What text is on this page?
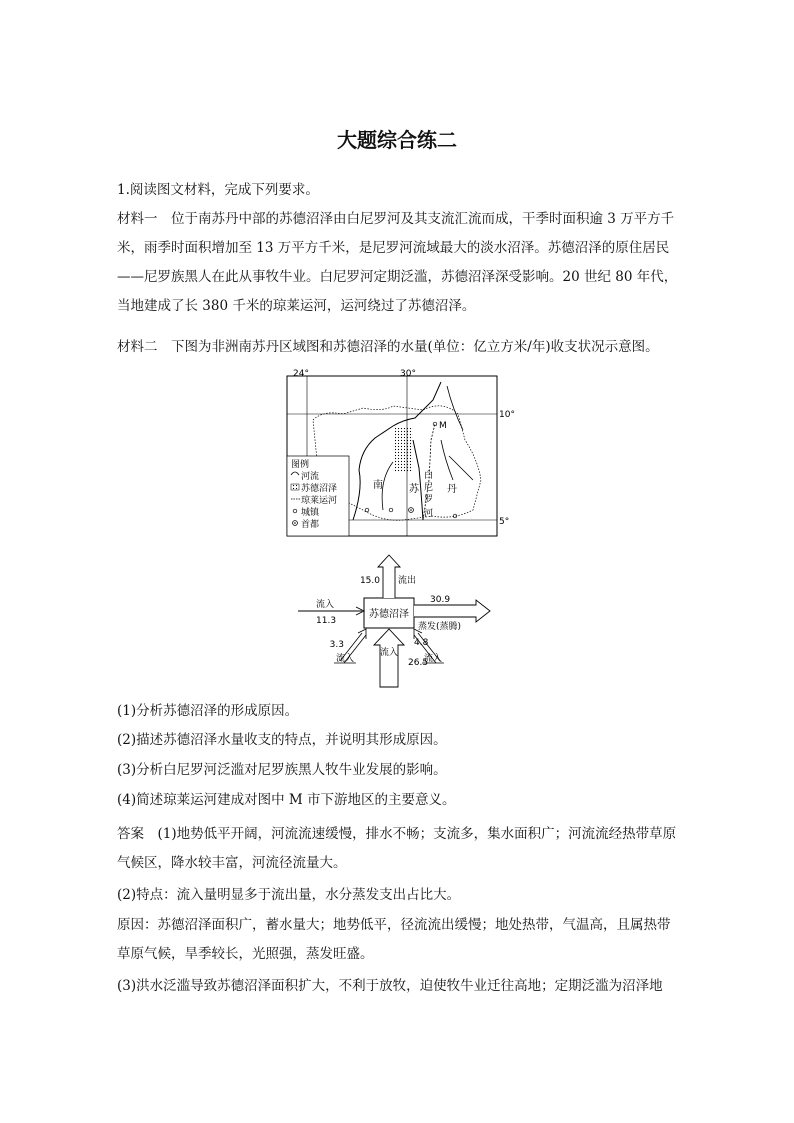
大题综合练二
1.阅读图文材料，完成下列要求。
材料一　位于南苏丹中部的苏德沼泽由白尼罗河及其支流汇流而成，干季时面积逾 3 万平方千米，雨季时面积增加至 13 万平方千米，是尼罗河流域最大的淡水沼泽。苏德沼泽的原住居民——尼罗族黑人在此从事牧牛业。白尼罗河定期泛滥，苏德沼泽深受影响。20 世纪 80 年代，当地建成了长 380 千米的琼莱运河，运河绕过了苏德沼泽。
材料二　下图为非洲南苏丹区域图和苏德沼泽的水量(单位：亿立方米/年)收支状况示意图。
24°	30°
10°
5°
M
白
尼
罗
河
南	苏	丹
图例
河流
苏德沼泽
琼莱运河
城镇
首都
苏德沼泽
15.0 流出
流入
11.3
30.9
蒸发(蒸腾)
3.3
流入
流入
26.5
4.8
流入
(1)分析苏德沼泽的形成原因。
(2)描述苏德沼泽水量收支的特点，并说明其形成原因。
(3)分析白尼罗河泛滥对尼罗族黑人牧牛业发展的影响。
(4)简述琼莱运河建成对图中 M 市下游地区的主要意义。
答案　(1)地势低平开阔，河流流速缓慢，排水不畅；支流多，集水面积广；河流流经热带草原气候区，降水较丰富，河流径流量大。
(2)特点：流入量明显多于流出量，水分蒸发支出占比大。
原因：苏德沼泽面积广，蓄水量大；地势低平，径流流出缓慢；地处热带，气温高，且属热带草原气候，旱季较长，光照强，蒸发旺盛。
(3)洪水泛滥导致苏德沼泽面积扩大，不利于放牧，迫使牧牛业迁往高地；定期泛滥为沼泽地
